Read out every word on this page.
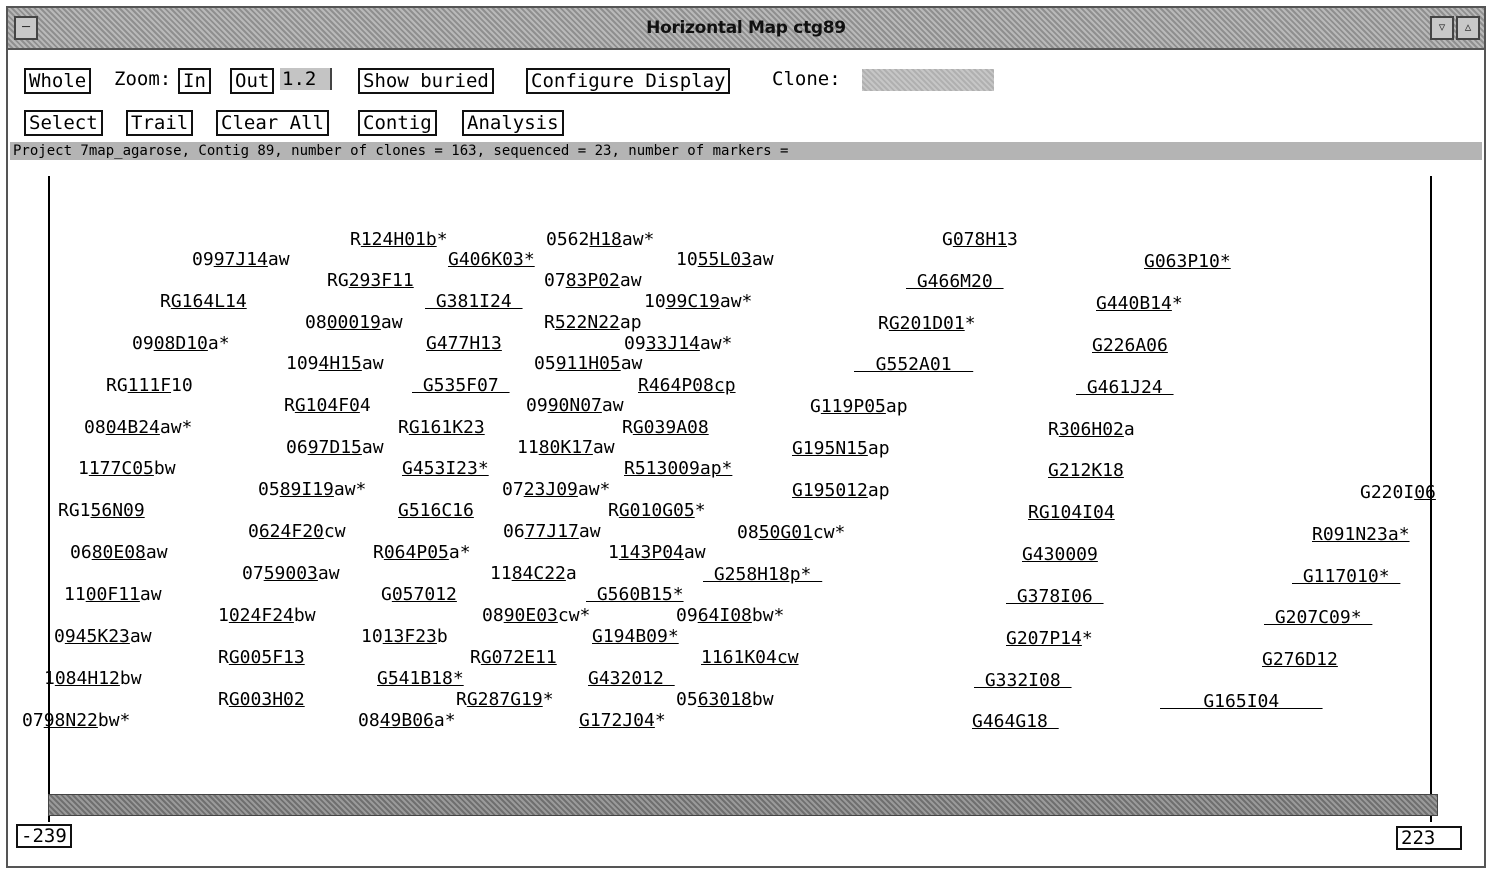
─	Horizontal Map ctg89	▿	▵
Whole Zoom: In Out 1.2	Show buried Configure Display Clone:
Select Trail Clear All Contig Analysis
Project 7map_agarose, Contig 89, number of clones = 163, sequenced = 23, number of markers =
R124H01b*	0562H18aw*	G078H13
0997J14aw	G406K03*	1055L03aw	G063P10*
RG293F11	0783P02aw	G466M20
RG164L14	G381I24	1099C19aw*	G440B14*
0800019aw	R522N22ap	RG201D01*
0908D10a*	G477H13	0933J14aw*	G226A06
1094H15aw	05911H05aw	G552A01
RG111F10	G535F07	R464P08cp	G461J24
RG104F04	0990N07aw	G119P05ap
0804B24aw*	RG161K23	RG039A08	R306H02a
0697D15aw	1180K17aw	G195N15ap
1177C05bw	G453I23*	R513009ap*	G212K18
0589I19aw*	0723J09aw*	G195012ap	G220I06
RG156N09	G516C16	RG010G05*	RG104I04
0624F20cw	0677J17aw	0850G01cw*	R091N23a*
0680E08aw	R064P05a*	1143P04aw	G430009
0759003aw	1184C22a	G258H18p*	G117010*
1100F11aw	G057012	G560B15*	G378I06
1024F24bw	0890E03cw*	0964I08bw*	G207C09*
0945K23aw	1013F23b	G194B09*	G207P14*
RG005F13	RG072E11	1161K04cw	G276D12
1084H12bw	G541B18*	G432012	G332I08
RG003H02	RG287G19*	0563018bw	G165I04
0798N22bw*	0849B06a*	G172J04*	G464G18
-239	223
